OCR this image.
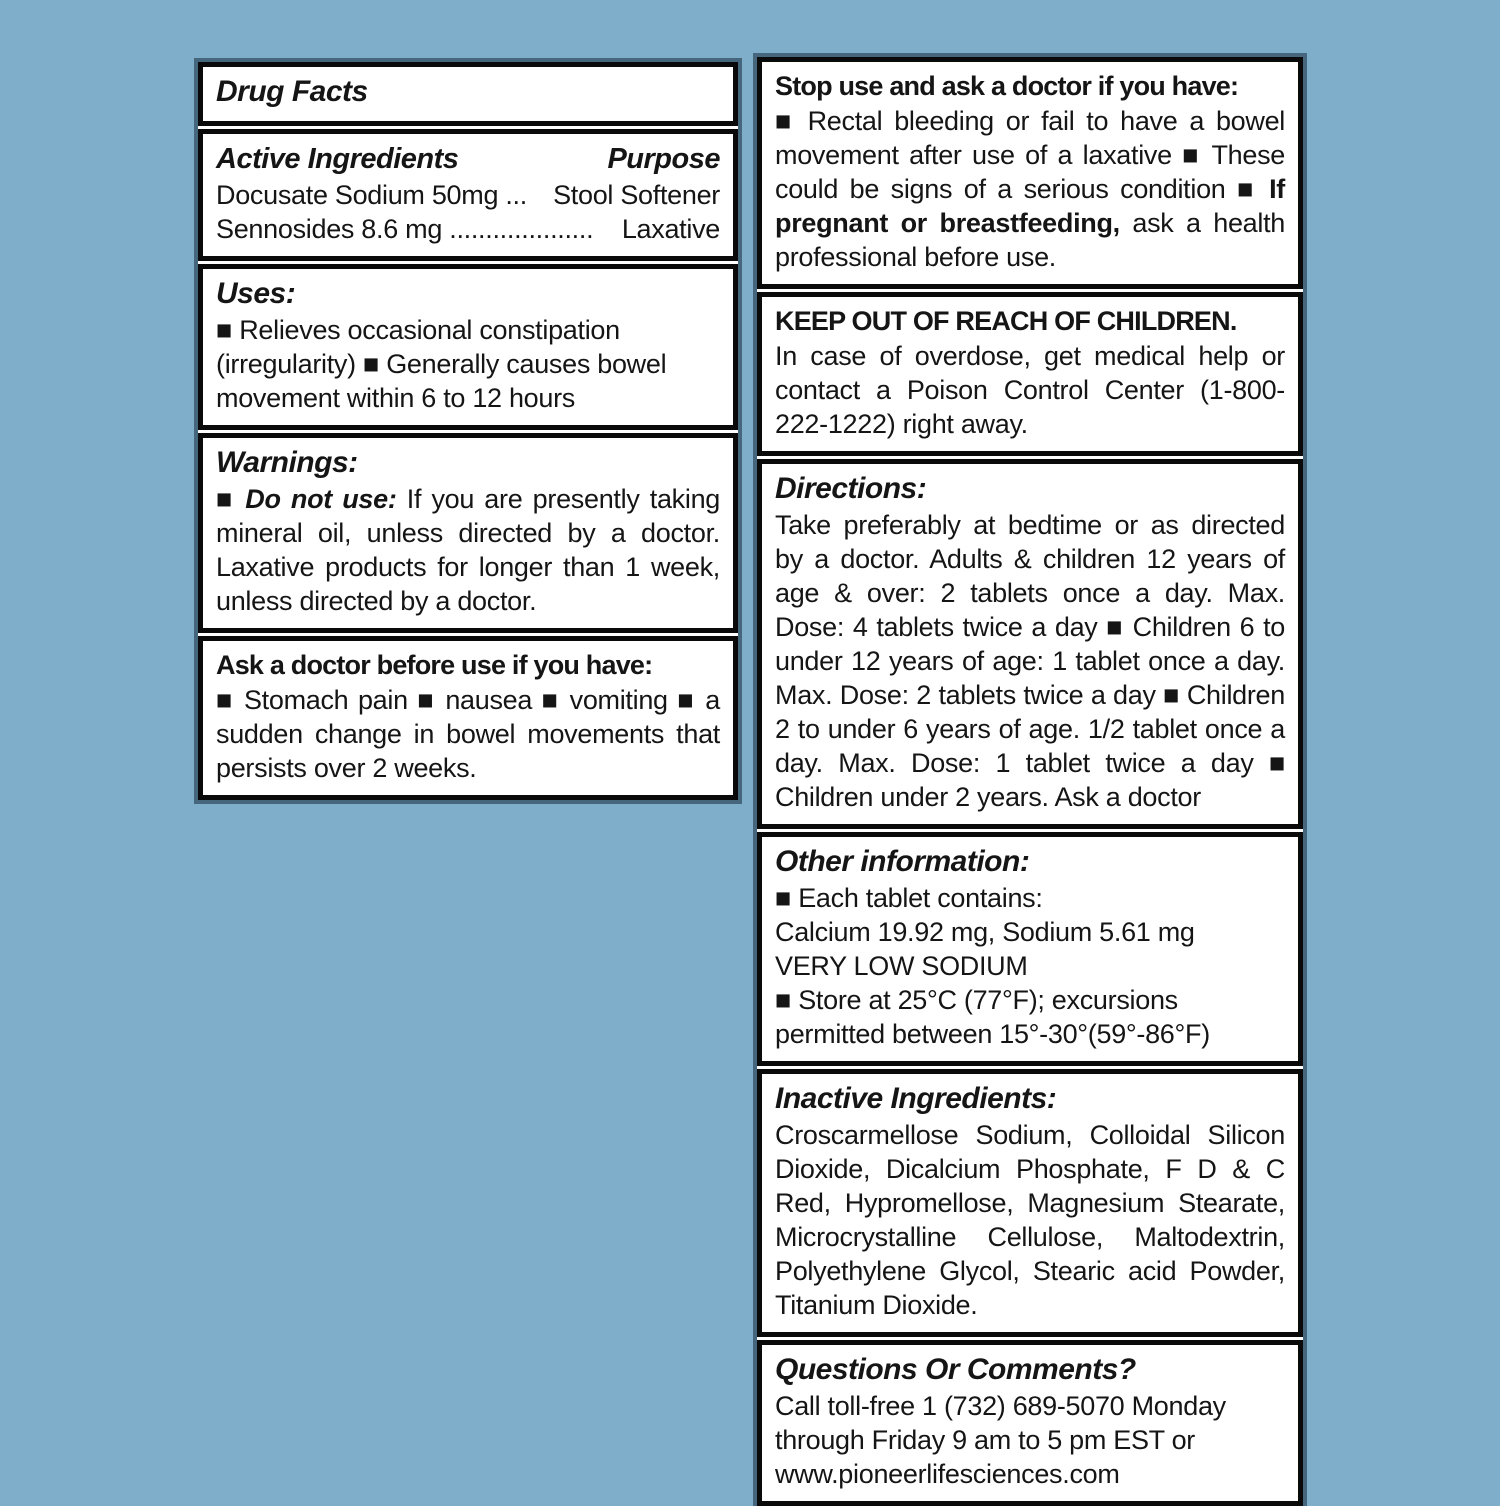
Drug Facts
Active Ingredients	Purpose
Docusate Sodium 50mg ... Stool Softener
Sennosides 8.6 mg .................... Laxative
Uses:
■ Relieves occasional constipation (irregularity) ■ Generally causes bowel movement within 6 to 12 hours
Warnings:
■ Do not use: If you are presently taking mineral oil, unless directed by a doctor. Laxative products for longer than 1 week, unless directed by a doctor.
Ask a doctor before use if you have:
■ Stomach pain ■ nausea ■ vomiting ■ a sudden change in bowel movements that persists over 2 weeks.
Stop use and ask a doctor if you have:
■ Rectal bleeding or fail to have a bowel movement after use of a laxative ■ These could be signs of a serious condition ■ If pregnant or breastfeeding, ask a health professional before use.
KEEP OUT OF REACH OF CHILDREN.
In case of overdose, get medical help or contact a Poison Control Center (1-800-222-1222) right away.
Directions:
Take preferably at bedtime or as directed by a doctor. Adults & children 12 years of age & over: 2 tablets once a day. Max. Dose: 4 tablets twice a day ■ Children 6 to under 12 years of age: 1 tablet once a day. Max. Dose: 2 tablets twice a day ■ Children 2 to under 6 years of age. 1/2 tablet once a day. Max. Dose: 1 tablet twice a day ■ Children under 2 years. Ask a doctor
Other information:
■ Each tablet contains:
Calcium 19.92 mg, Sodium 5.61 mg
VERY LOW SODIUM
■ Store at 25°C (77°F); excursions permitted between 15°-30°(59°-86°F)
Inactive Ingredients:
Croscarmellose Sodium, Colloidal Silicon Dioxide, Dicalcium Phosphate, F D & C Red, Hypromellose, Magnesium Stearate, Microcrystalline Cellulose, Maltodextrin, Polyethylene Glycol, Stearic acid Powder, Titanium Dioxide.
Questions Or Comments?
Call toll-free 1 (732) 689-5070 Monday through Friday 9 am to 5 pm EST or www.pioneerlifesciences.com
